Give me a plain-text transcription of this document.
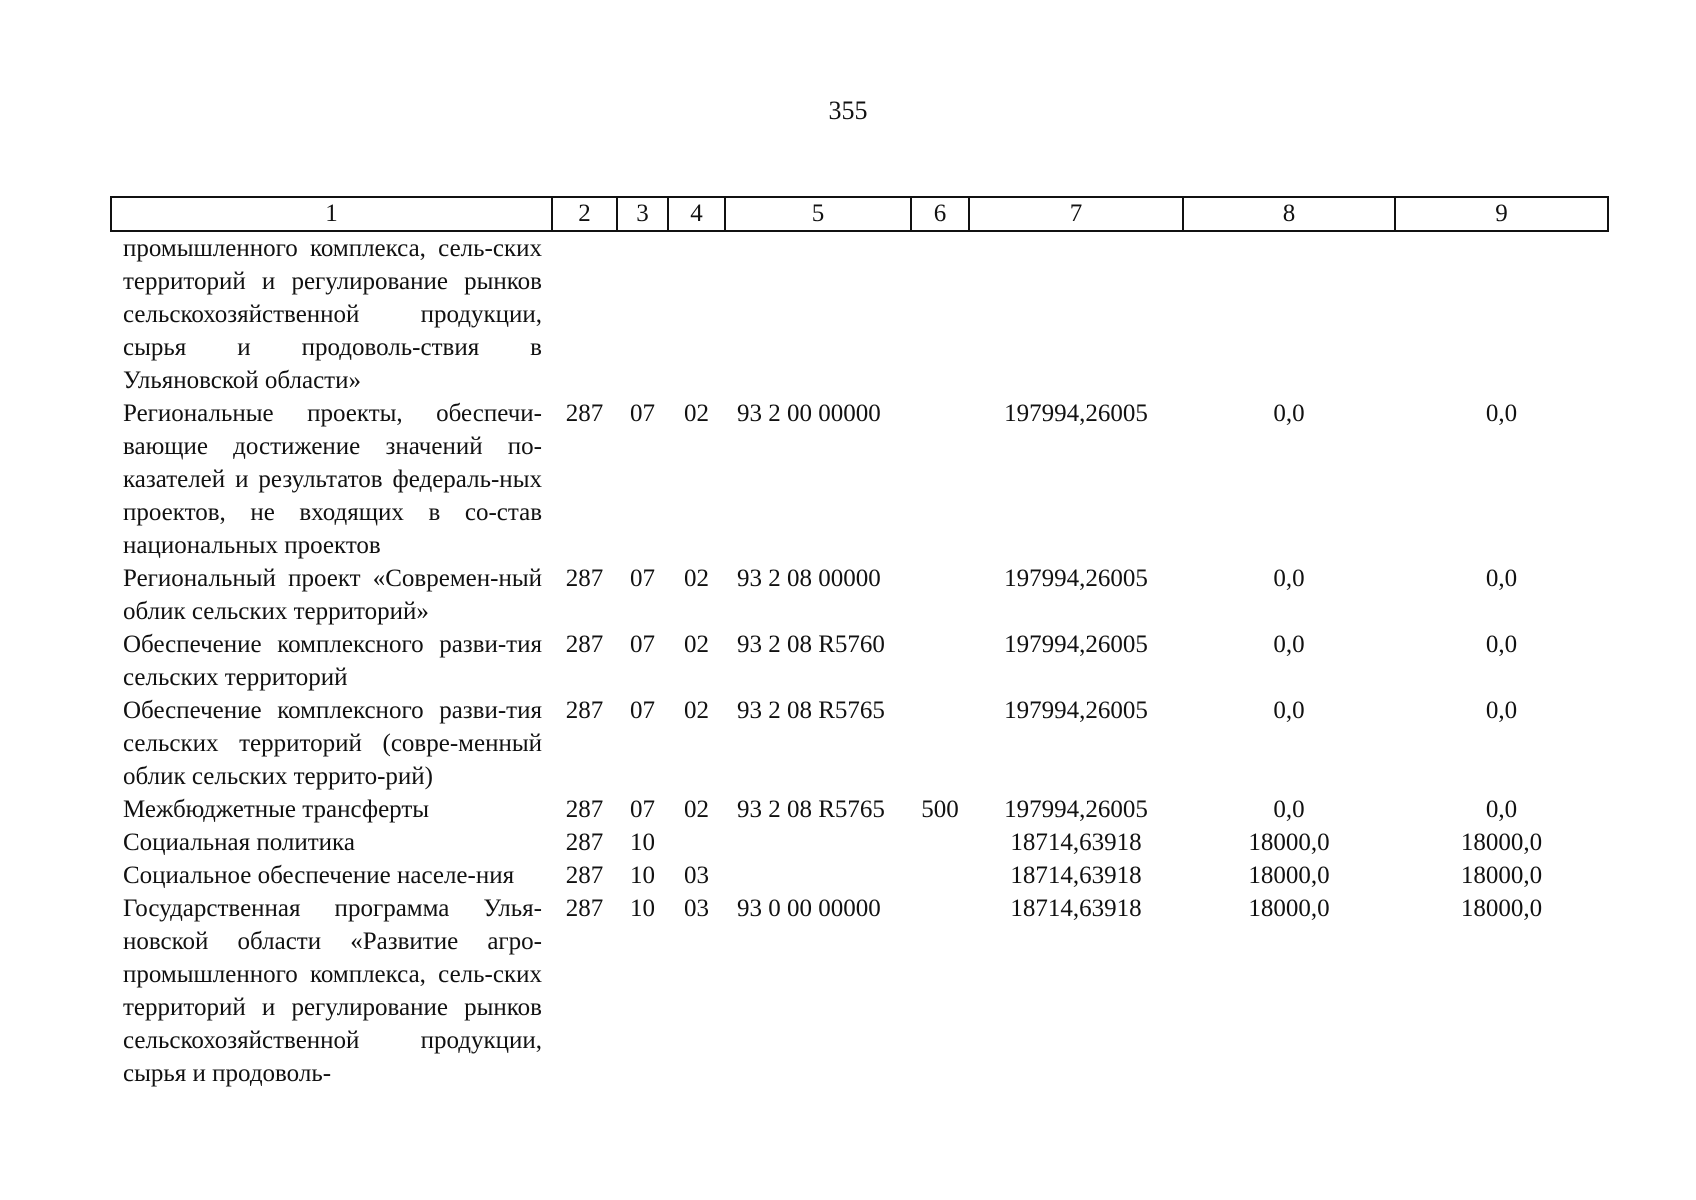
355
1	2	3	4	5	6	7	8	9
промышленного комплекса, сель-ских территорий и регулирование рынков сельскохозяйственной продукции, сырья и продоволь-ствия в Ульяновской области»								
Региональные проекты, обеспечи-вающие достижение значений по-казателей и результатов федераль-ных проектов, не входящих в со-став национальных проектов	287	07	02	93 2 00 00000		197994,26005	0,0	0,0
Региональный проект «Современ-ный облик сельских территорий»	287	07	02	93 2 08 00000		197994,26005	0,0	0,0
Обеспечение комплексного разви-тия сельских территорий	287	07	02	93 2 08 R5760		197994,26005	0,0	0,0
Обеспечение комплексного разви-тия сельских территорий (совре-менный облик сельских террито-рий)	287	07	02	93 2 08 R5765		197994,26005	0,0	0,0
Межбюджетные трансферты	287	07	02	93 2 08 R5765	500	197994,26005	0,0	0,0
Социальная политика	287	10				18714,63918	18000,0	18000,0
Социальное обеспечение населе-ния	287	10	03			18714,63918	18000,0	18000,0
Государственная программа Улья-новской области «Развитие агро-промышленного комплекса, сель-ских территорий и регулирование рынков сельскохозяйственной продукции, сырья и продоволь-	287	10	03	93 0 00 00000		18714,63918	18000,0	18000,0
